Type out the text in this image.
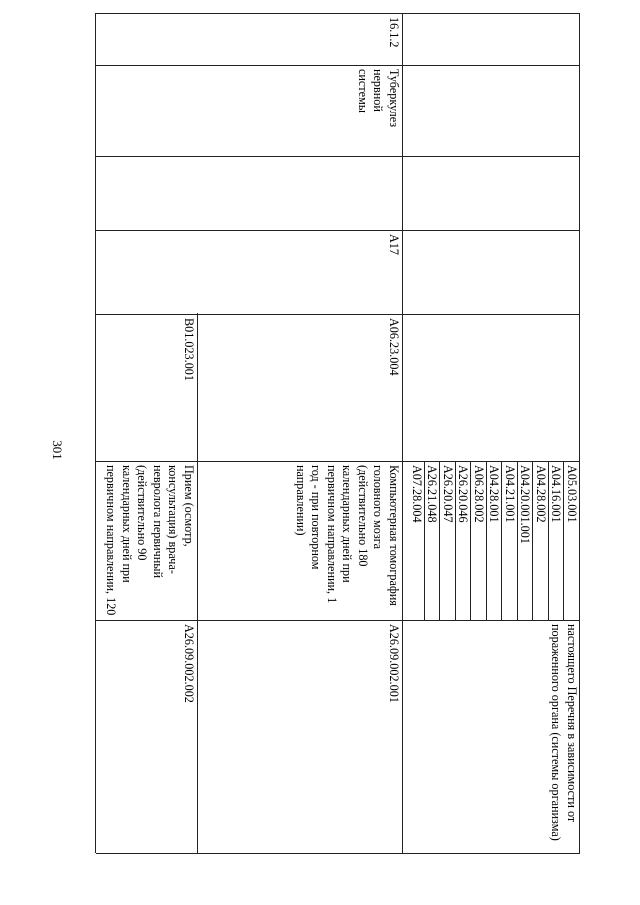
301
A05.03.001
A04.16.001
A04.28.002
A04.20.001.001
A04.21.001
A04.28.001
A06.28.002
A26.20.046
A26.20.047
A26.21.048
A07.28.004
настоящего Перечня в зависимости от пораженного органа (системы организма)
16.1.2
Туберкулез нервной системы
A17
A06.23.004
Компьютерная томография головного мозга (действительно 180 календарных дней при первичном направлении, 1 год - при повторном направлении)
A26.09.002.001
B01.023.001
Прием (осмотр, консультация) врача-невролога первичный (действительно 90 календарных дней при первичном направлении, 120
A26.09.002.002
